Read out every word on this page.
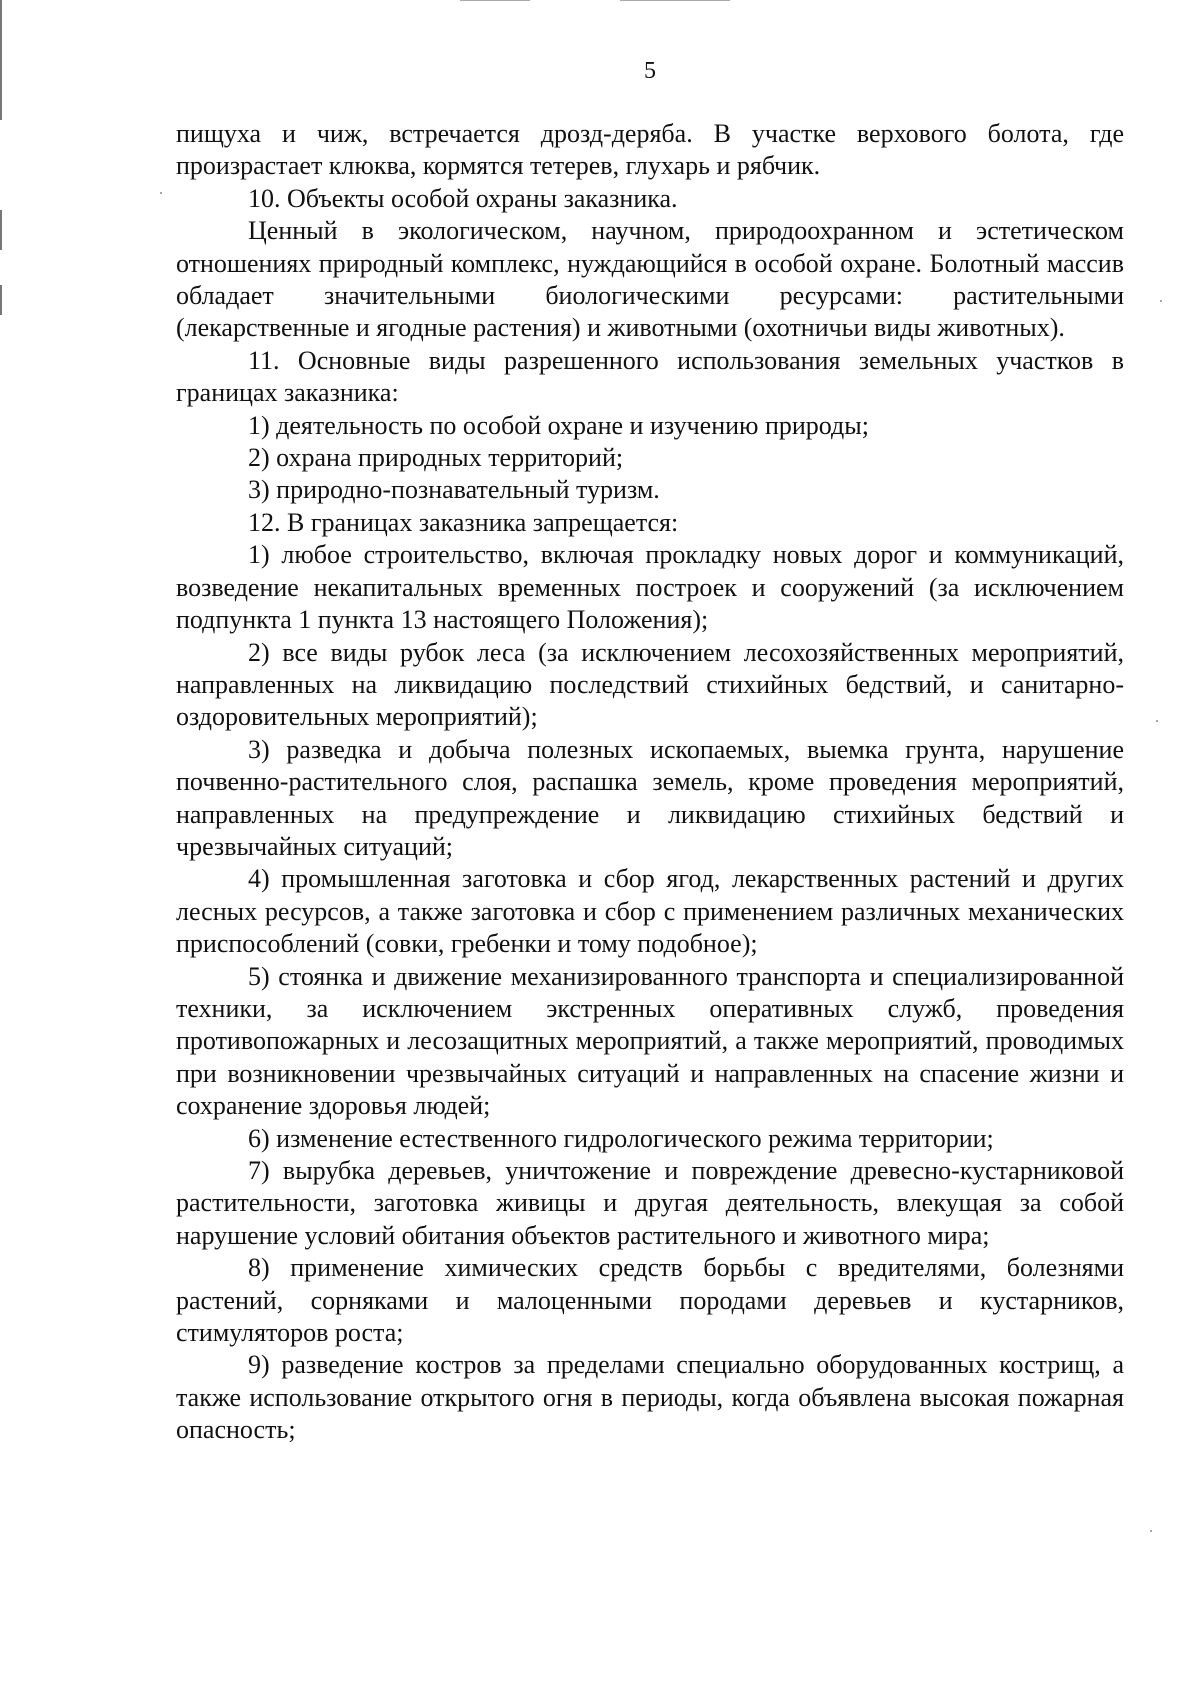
5

пищуха и чиж, встречается дрозд-деряба. В участке верхового болота, где произрастает клюква, кормятся тетерев, глухарь и рябчик.

10. Объекты особой охраны заказника.

Ценный в экологическом, научном, природоохранном и эстетическом отношениях природный комплекс, нуждающийся в особой охране. Болотный массив обладает значительными биологическими ресурсами: растительными (лекарственные и ягодные растения) и животными (охотничьи виды животных).

11. Основные виды разрешенного использования земельных участков в границах заказника:

1) деятельность по особой охране и изучению природы;

2) охрана природных территорий;

3) природно-познавательный туризм.

12. В границах заказника запрещается:

1) любое строительство, включая прокладку новых дорог и коммуникаций, возведение некапитальных временных построек и сооружений (за исключением подпункта 1 пункта 13 настоящего Положения);

2) все виды рубок леса (за исключением лесохозяйственных мероприятий, направленных на ликвидацию последствий стихийных бедствий, и санитарно-оздоровительных мероприятий);

3) разведка и добыча полезных ископаемых, выемка грунта, нарушение почвенно-растительного слоя, распашка земель, кроме проведения мероприятий, направленных на предупреждение и ликвидацию стихийных бедствий и чрезвычайных ситуаций;

4) промышленная заготовка и сбор ягод, лекарственных растений и других лесных ресурсов, а также заготовка и сбор с применением различных механических приспособлений (совки, гребенки и тому подобное);

5) стоянка и движение механизированного транспорта и специализированной техники, за исключением экстренных оперативных служб, проведения противопожарных и лесозащитных мероприятий, а также мероприятий, проводимых при возникновении чрезвычайных ситуаций и направленных на спасение жизни и сохранение здоровья людей;

6) изменение естественного гидрологического режима территории;

7) вырубка деревьев, уничтожение и повреждение древесно-кустарниковой растительности, заготовка живицы и другая деятельность, влекущая за собой нарушение условий обитания объектов растительного и животного мира;

8) применение химических средств борьбы с вредителями, болезнями растений, сорняками и малоценными породами деревьев и кустарников, стимуляторов роста;

9) разведение костров за пределами специально оборудованных кострищ, а также использование открытого огня в периоды, когда объявлена высокая пожарная опасность;
